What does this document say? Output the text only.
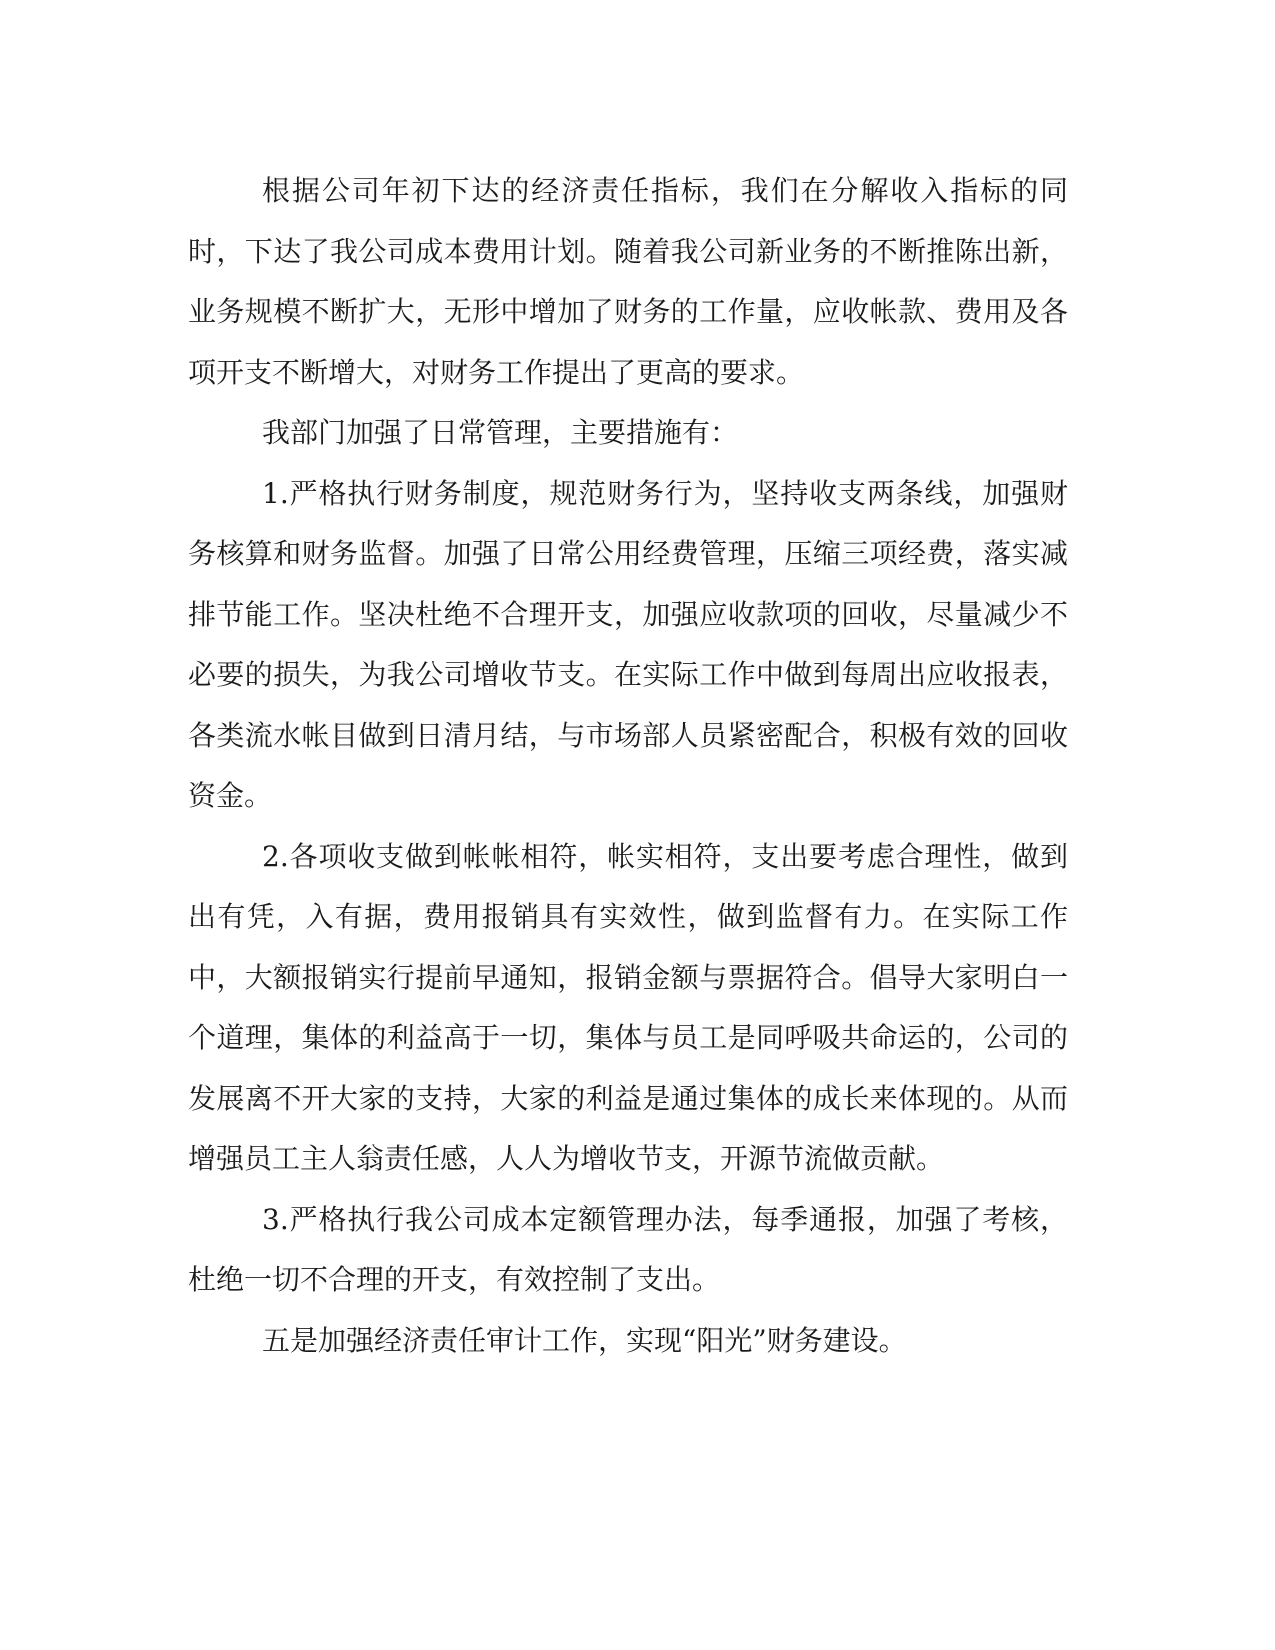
根据公司年初下达的经济责任指标，我们在分解收入指标的同时，下达了我公司成本费用计划。随着我公司新业务的不断推陈出新，业务规模不断扩大，无形中增加了财务的工作量，应收帐款、费用及各项开支不断增大，对财务工作提出了更高的要求。

我部门加强了日常管理，主要措施有：

1.严格执行财务制度，规范财务行为，坚持收支两条线，加强财务核算和财务监督。加强了日常公用经费管理，压缩三项经费，落实减排节能工作。坚决杜绝不合理开支，加强应收款项的回收，尽量减少不必要的损失，为我公司增收节支。在实际工作中做到每周出应收报表，各类流水帐目做到日清月结，与市场部人员紧密配合，积极有效的回收资金。

2.各项收支做到帐帐相符，帐实相符，支出要考虑合理性，做到出有凭，入有据，费用报销具有实效性，做到监督有力。在实际工作中，大额报销实行提前早通知，报销金额与票据符合。倡导大家明白一个道理，集体的利益高于一切，集体与员工是同呼吸共命运的，公司的发展离不开大家的支持，大家的利益是通过集体的成长来体现的。从而增强员工主人翁责任感，人人为增收节支，开源节流做贡献。

3.严格执行我公司成本定额管理办法，每季通报，加强了考核，杜绝一切不合理的开支，有效控制了支出。

五是加强经济责任审计工作，实现“阳光”财务建设。
